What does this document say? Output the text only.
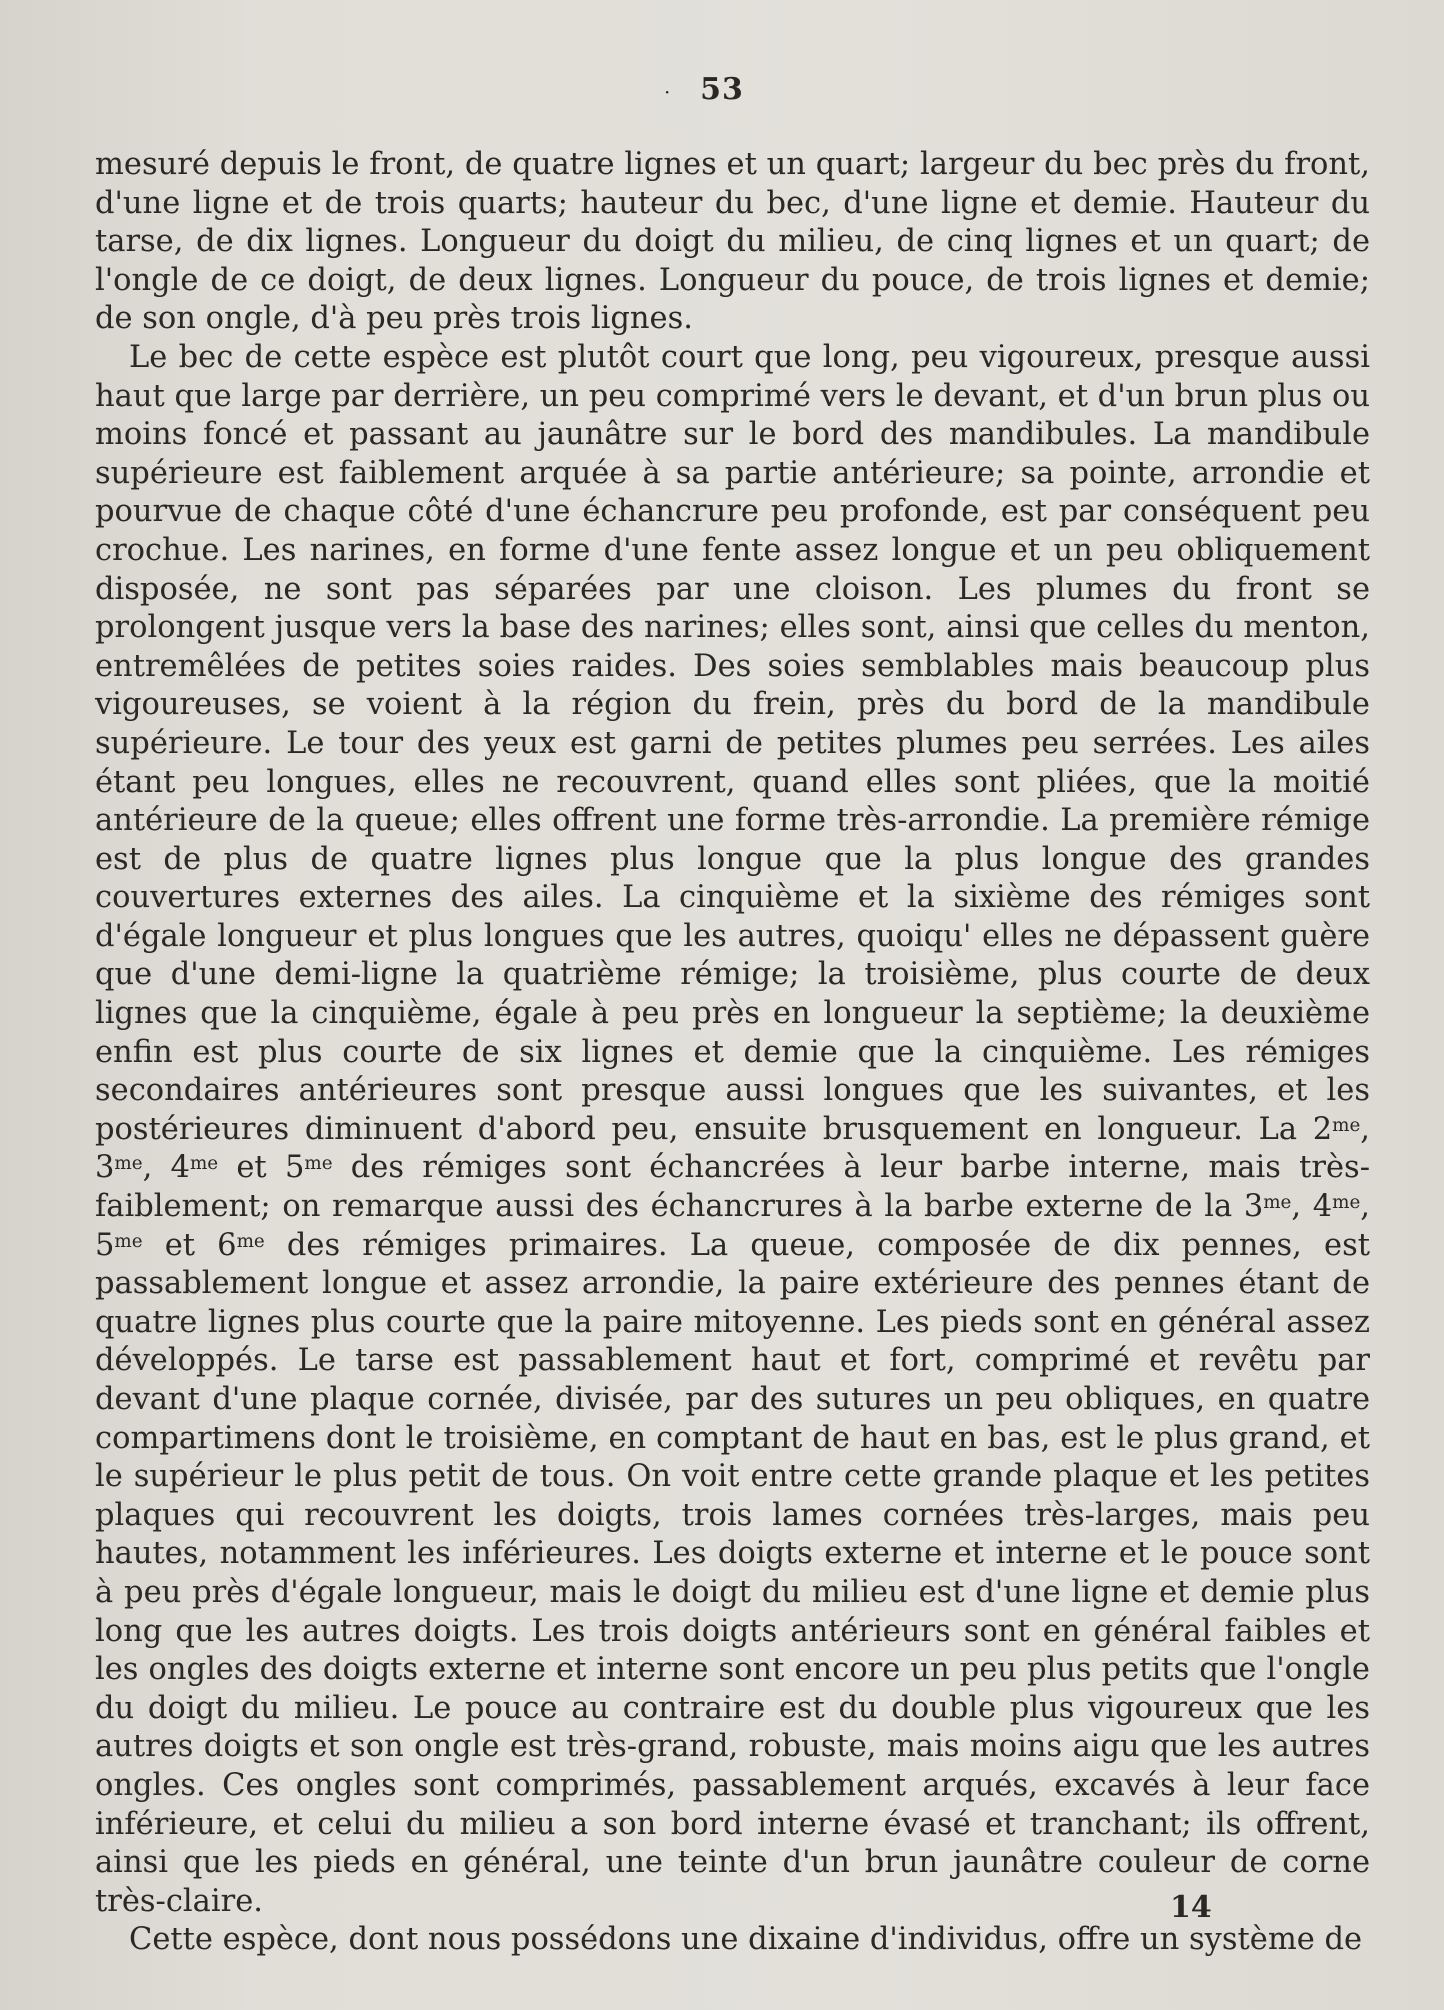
· 53

mesuré depuis le front, de quatre lignes et un quart; largeur du bec près du front, d'une ligne et de trois quarts; hauteur du bec, d'une ligne et demie. Hauteur du tarse, de dix lignes. Longueur du doigt du milieu, de cinq lignes et un quart; de l'ongle de ce doigt, de deux lignes. Longueur du pouce, de trois lignes et demie; de son ongle, d'à peu près trois lignes.

Le bec de cette espèce est plutôt court que long, peu vigoureux, presque aussi haut que large par derrière, un peu comprimé vers le devant, et d'un brun plus ou moins foncé et passant au jaunâtre sur le bord des mandibules. La mandibule supérieure est faiblement arquée à sa partie antérieure; sa pointe, arrondie et pourvue de chaque côté d'une échancrure peu profonde, est par conséquent peu crochue. Les narines, en forme d'une fente assez longue et un peu obliquement disposée, ne sont pas séparées par une cloison. Les plumes du front se prolongent jusque vers la base des narines; elles sont, ainsi que celles du menton, entremêlées de petites soies raides. Des soies semblables mais beaucoup plus vigoureuses, se voient à la région du frein, près du bord de la mandibule supérieure. Le tour des yeux est garni de petites plumes peu serrées. Les ailes étant peu longues, elles ne recouvrent, quand elles sont pliées, que la moitié antérieure de la queue; elles offrent une forme très-arrondie. La première rémige est de plus de quatre lignes plus longue que la plus longue des grandes couvertures externes des ailes. La cinquième et la sixième des rémiges sont d'égale longueur et plus longues que les autres, quoiqu' elles ne dépassent guère que d'une demi-ligne la quatrième rémige; la troisième, plus courte de deux lignes que la cinquième, égale à peu près en longueur la septième; la deuxième enfin est plus courte de six lignes et demie que la cinquième. Les rémiges secondaires antérieures sont presque aussi longues que les suivantes, et les postérieures diminuent d'abord peu, ensuite brusquement en longueur. La $2^{me}$, $3^{me}$, $4^{me}$ et $5^{me}$ des rémiges sont échancrées à leur barbe interne, mais très-faiblement; on remarque aussi des échancrures à la barbe externe de la $3^{me}$, $4^{me}$, $5^{me}$ et $6^{me}$ des rémiges primaires. La queue, composée de dix pennes, est passablement longue et assez arrondie, la paire extérieure des pennes étant de quatre lignes plus courte que la paire mitoyenne. Les pieds sont en général assez développés. Le tarse est passablement haut et fort, comprimé et revêtu par devant d'une plaque cornée, divisée, par des sutures un peu obliques, en quatre compartimens dont le troisième, en comptant de haut en bas, est le plus grand, et le supérieur le plus petit de tous. On voit entre cette grande plaque et les petites plaques qui recouvrent les doigts, trois lames cornées très-larges, mais peu hautes, notamment les inférieures. Les doigts externe et interne et le pouce sont à peu près d'égale longueur, mais le doigt du milieu est d'une ligne et demie plus long que les autres doigts. Les trois doigts antérieurs sont en général faibles et les ongles des doigts externe et interne sont encore un peu plus petits que l'ongle du doigt du milieu. Le pouce au contraire est du double plus vigoureux que les autres doigts et son ongle est très-grand, robuste, mais moins aigu que les autres ongles. Ces ongles sont comprimés, passablement arqués, excavés à leur face inférieure, et celui du milieu a son bord interne évasé et tranchant; ils offrent, ainsi que les pieds en général, une teinte d'un brun jaunâtre couleur de corne très-claire.

Cette espèce, dont nous possédons une dixaine d'individus, offre un système de

14
